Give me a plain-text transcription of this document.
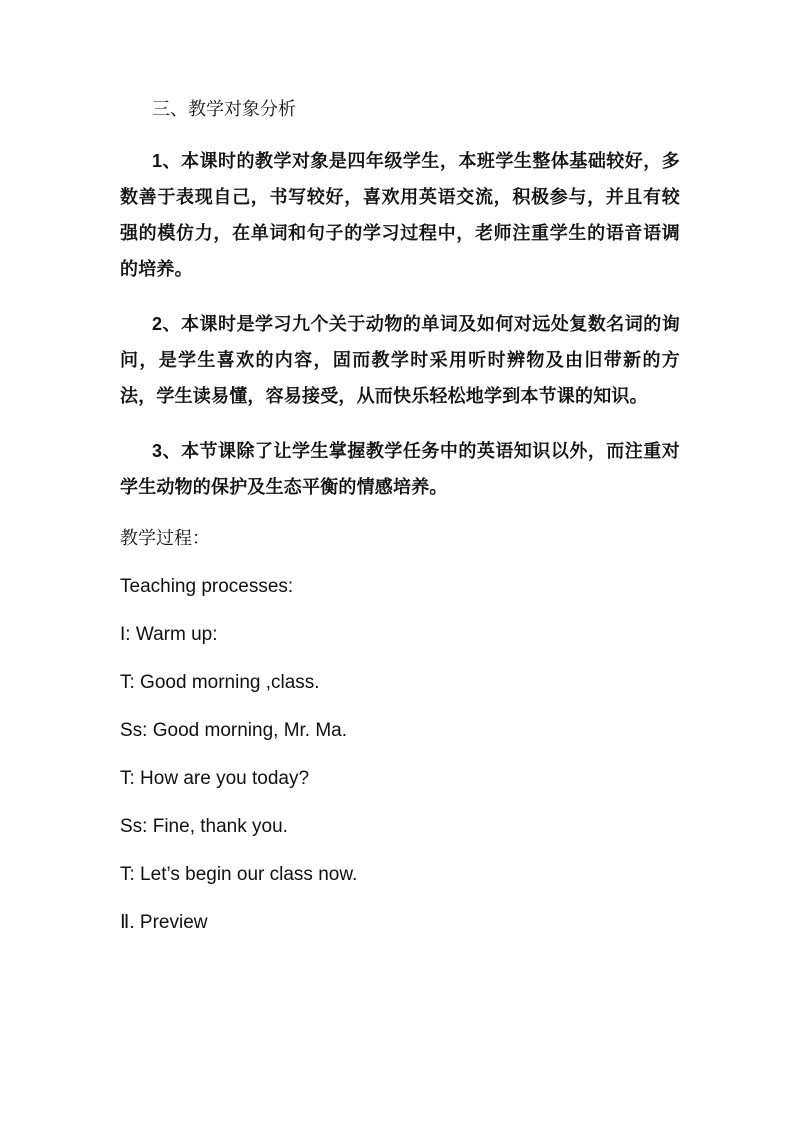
三、教学对象分析

1、本课时的教学对象是四年级学生，本班学生整体基础较好，多数善于表现自己，书写较好，喜欢用英语交流，积极参与，并且有较强的模仿力，在单词和句子的学习过程中，老师注重学生的语音语调的培养。

2、本课时是学习九个关于动物的单词及如何对远处复数名词的询问，是学生喜欢的内容，固而教学时采用听时辨物及由旧带新的方法，学生读易懂，容易接受，从而快乐轻松地学到本节课的知识。

3、本节课除了让学生掌握教学任务中的英语知识以外，而注重对学生动物的保护及生态平衡的情感培养。

教学过程：
Teaching processes:
I: Warm up:
T: Good morning ,class.
Ss: Good morning, Mr. Ma.
T: How are you today?
Ss: Fine, thank you.
T: Let’s begin our class now.
Ⅱ. Preview
